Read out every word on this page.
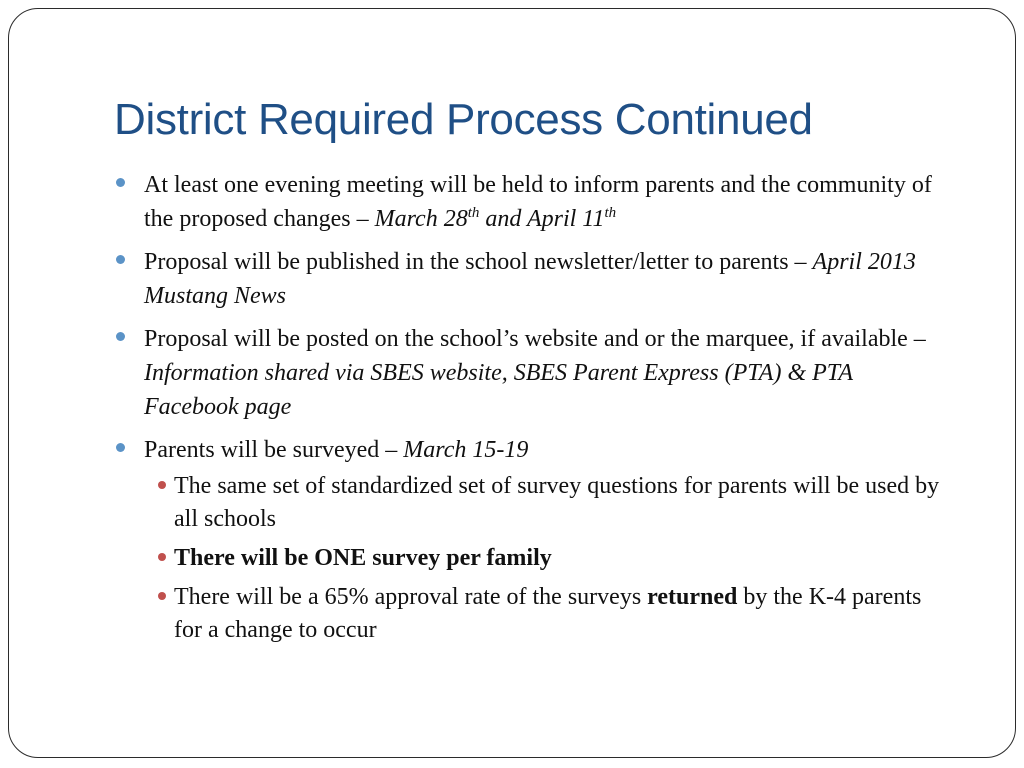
District Required Process Continued
At least one evening meeting will be held to inform parents and the community of the proposed changes – March 28th and April 11th
Proposal will be published in the school newsletter/letter to parents – April 2013 Mustang News
Proposal will be posted on the school’s website and or the marquee, if available – Information shared via SBES website, SBES Parent Express (PTA) & PTA Facebook page
Parents will be surveyed – March 15-19
The same set of standardized set of survey questions for parents will be used by all schools
There will be ONE survey per family
There will be a 65% approval rate of the surveys returned by the K-4 parents for a change to occur
